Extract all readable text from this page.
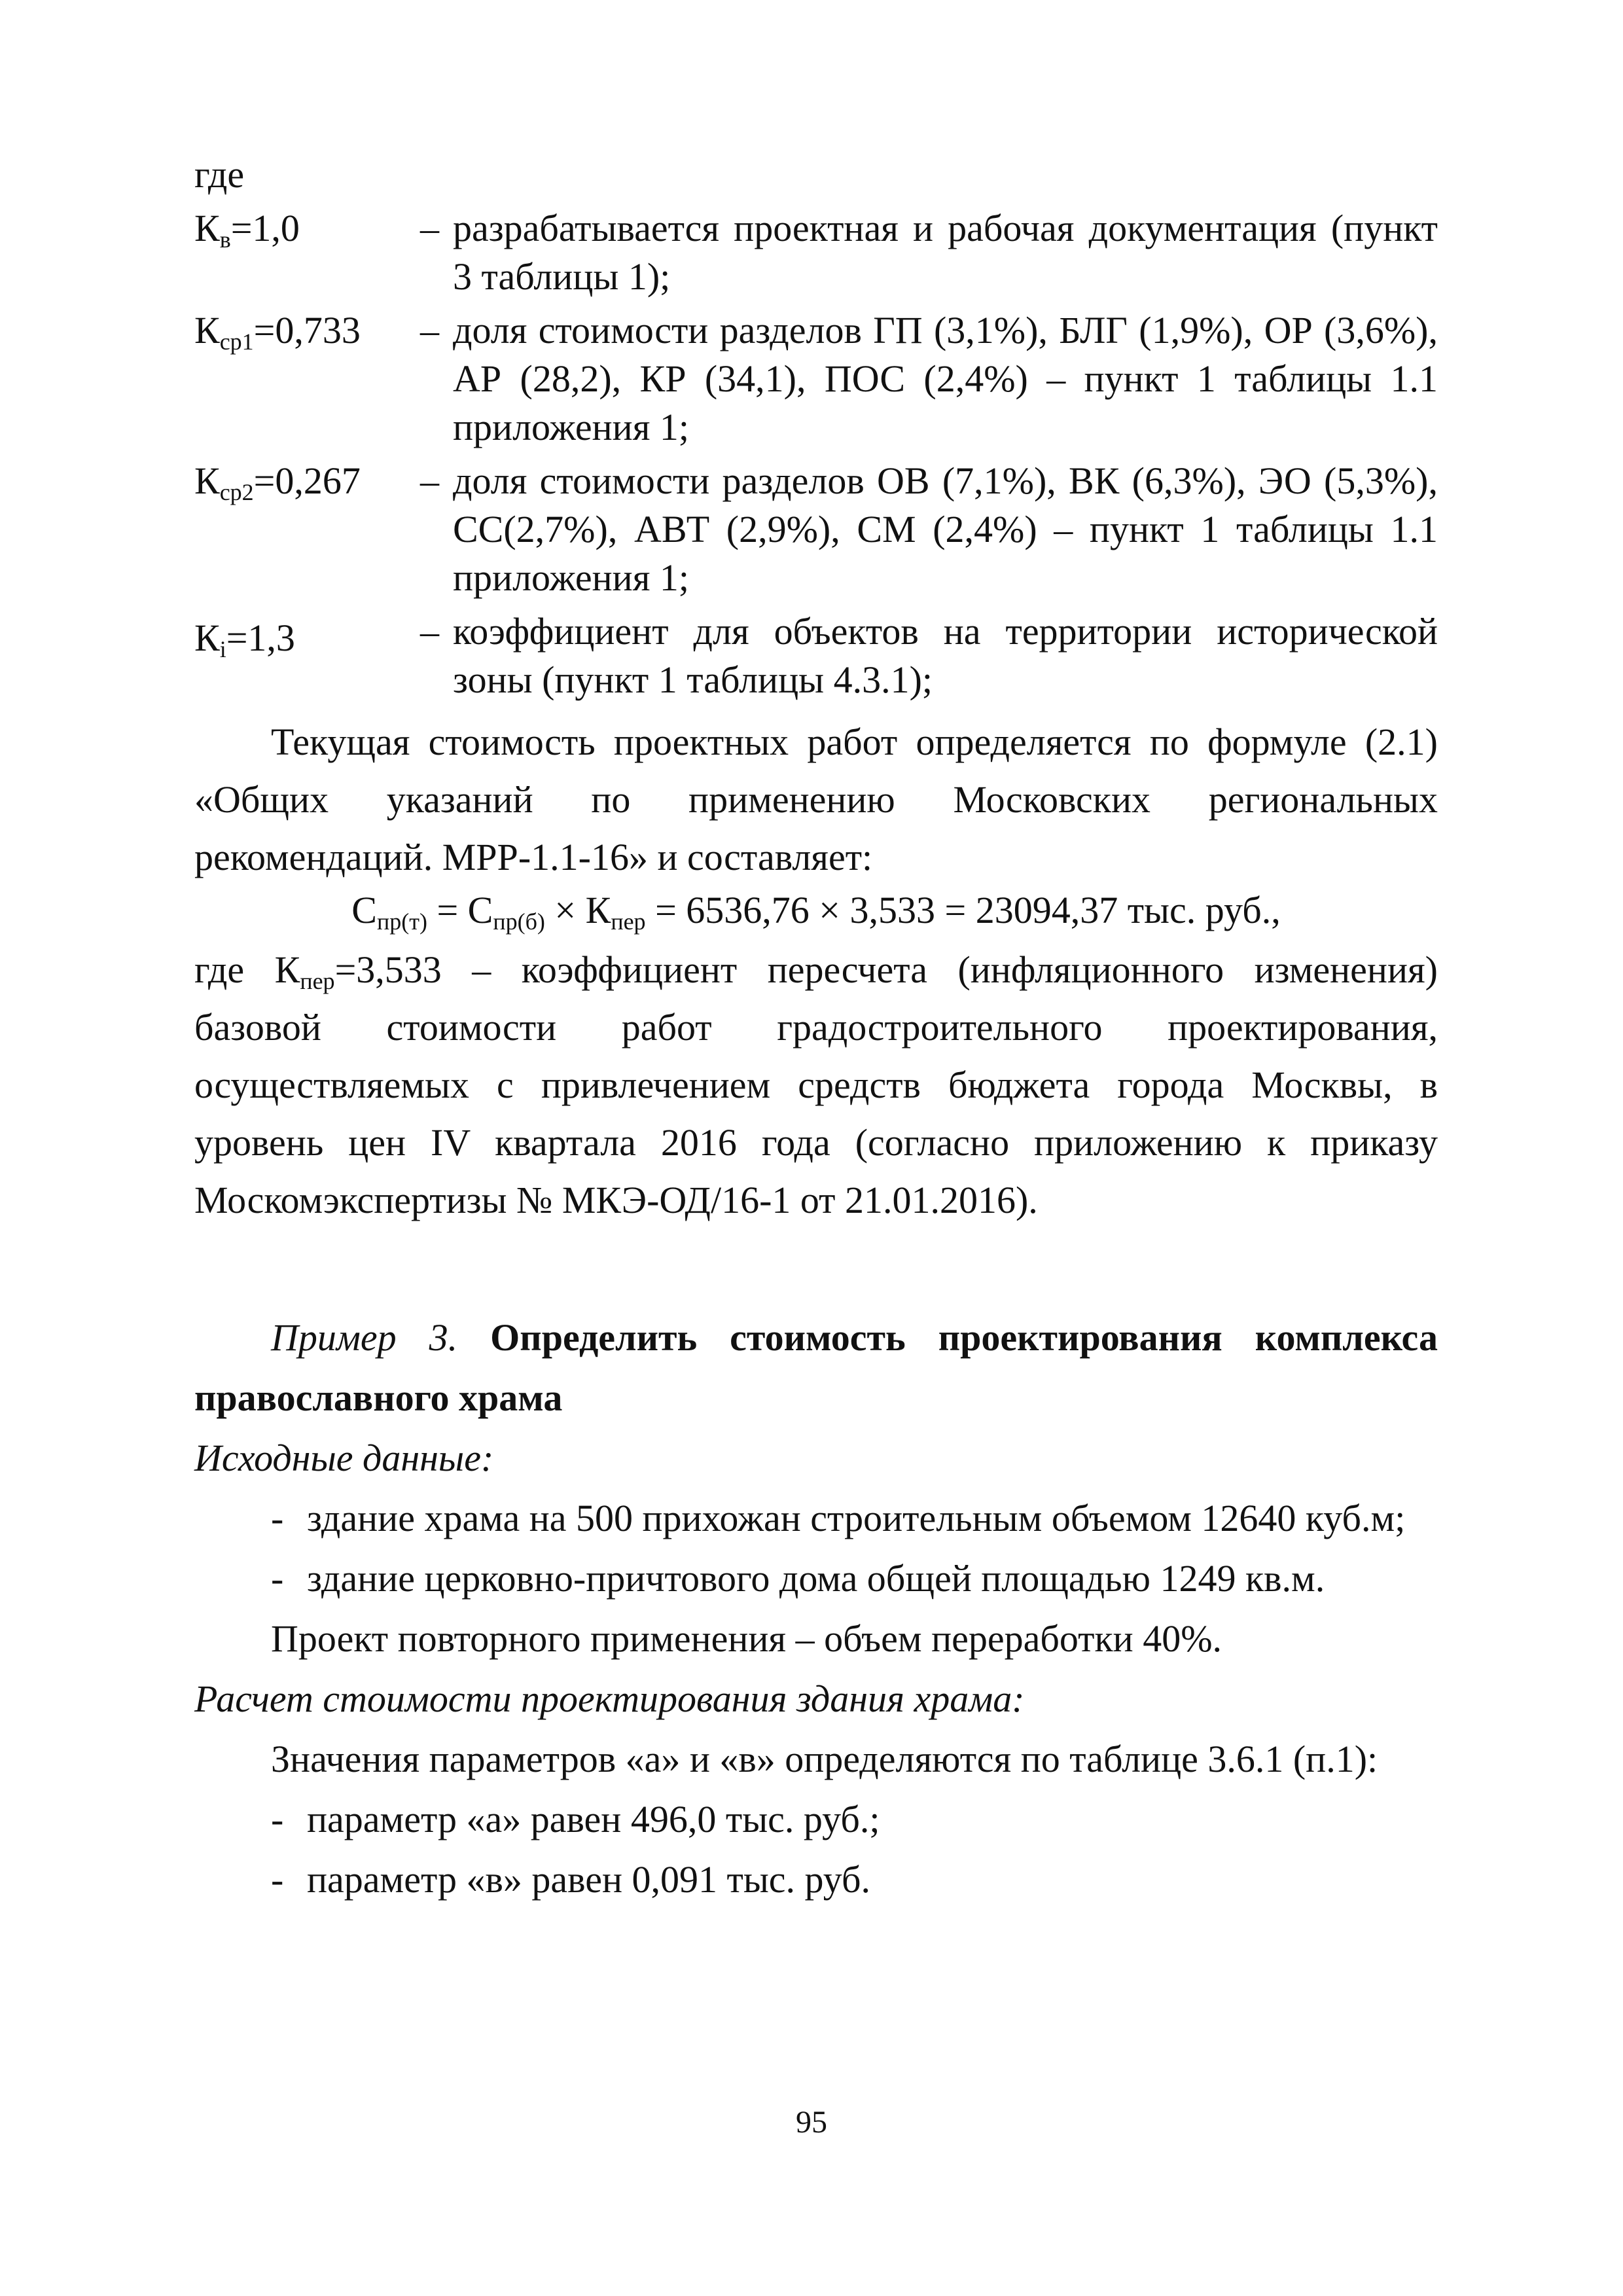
где
$К_в=1,0$	– разрабатывается проектная и рабочая документация (пункт 3 таблицы 1);
$К_{ср1}=0,733$	– доля стоимости разделов ГП (3,1%), БЛГ (1,9%), ОР (3,6%), АР (28,2), КР (34,1), ПОС (2,4%) – пункт 1 таблицы 1.1 приложения 1;
$К_{ср2}=0,267$	– доля стоимости разделов ОВ (7,1%), ВК (6,3%), ЭО (5,3%), СС(2,7%), АВТ (2,9%), СМ (2,4%) – пункт 1 таблицы 1.1 приложения 1;
$К_i=1,3$	– коэффициент для объектов на территории исторической зоны (пункт 1 таблицы 4.3.1);
Текущая стоимость проектных работ определяется по формуле (2.1) «Общих указаний по применению Московских региональных рекомендаций. МРР-1.1-16» и составляет:
$С_{пр(т)} = С_{пр(б)} \times К_{пер} = 6536,76 \times 3,533 = 23094,37$ тыс. руб.,
где $К_{пер}=3,533$ – коэффициент пересчета (инфляционного изменения) базовой стоимости работ градостроительного проектирования, осуществляемых с привлечением средств бюджета города Москвы, в уровень цен IV квартала 2016 года (согласно приложению к приказу Москомэкспертизы № МКЭ-ОД/16-1 от 21.01.2016).
Пример 3. Определить стоимость проектирования комплекса православного храма
Исходные данные:
- здание храма на 500 прихожан строительным объемом 12640 куб.м;
- здание церковно-причтового дома общей площадью 1249 кв.м.
Проект повторного применения – объем переработки 40%.
Расчет стоимости проектирования здания храма:
Значения параметров «а» и «в» определяются по таблице 3.6.1 (п.1):
- параметр «а» равен 496,0 тыс. руб.;
- параметр «в» равен 0,091 тыс. руб.
95
